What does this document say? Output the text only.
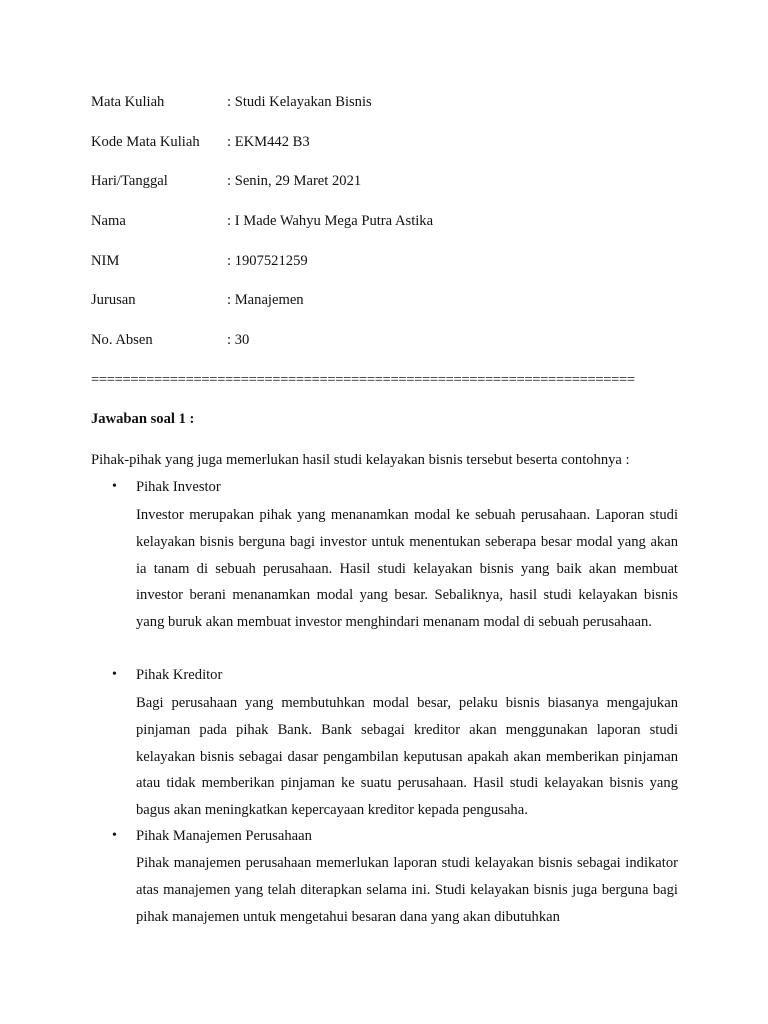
Mata Kuliah	: Studi Kelayakan Bisnis
Kode Mata Kuliah : EKM442 B3
Hari/Tanggal	: Senin, 29 Maret 2021
Nama	: I Made Wahyu Mega Putra Astika
NIM	: 1907521259
Jurusan	: Manajemen
No. Absen	: 30
=====================================================================
Jawaban soal 1 :
Pihak-pihak yang juga memerlukan hasil studi kelayakan bisnis tersebut beserta contohnya :
• Pihak Investor
Investor merupakan pihak yang menanamkan modal ke sebuah perusahaan. Laporan studi kelayakan bisnis berguna bagi investor untuk menentukan seberapa besar modal yang akan ia tanam di sebuah perusahaan. Hasil studi kelayakan bisnis yang baik akan membuat investor berani menanamkan modal yang besar. Sebaliknya, hasil studi kelayakan bisnis yang buruk akan membuat investor menghindari menanam modal di sebuah perusahaan.
• Pihak Kreditor
Bagi perusahaan yang membutuhkan modal besar, pelaku bisnis biasanya mengajukan pinjaman pada pihak Bank. Bank sebagai kreditor akan menggunakan laporan studi kelayakan bisnis sebagai dasar pengambilan keputusan apakah akan memberikan pinjaman atau tidak memberikan pinjaman ke suatu perusahaan. Hasil studi kelayakan bisnis yang bagus akan meningkatkan kepercayaan kreditor kepada pengusaha.
• Pihak Manajemen Perusahaan
Pihak manajemen perusahaan memerlukan laporan studi kelayakan bisnis sebagai indikator atas manajemen yang telah diterapkan selama ini. Studi kelayakan bisnis juga berguna bagi pihak manajemen untuk mengetahui besaran dana yang akan dibutuhkan
